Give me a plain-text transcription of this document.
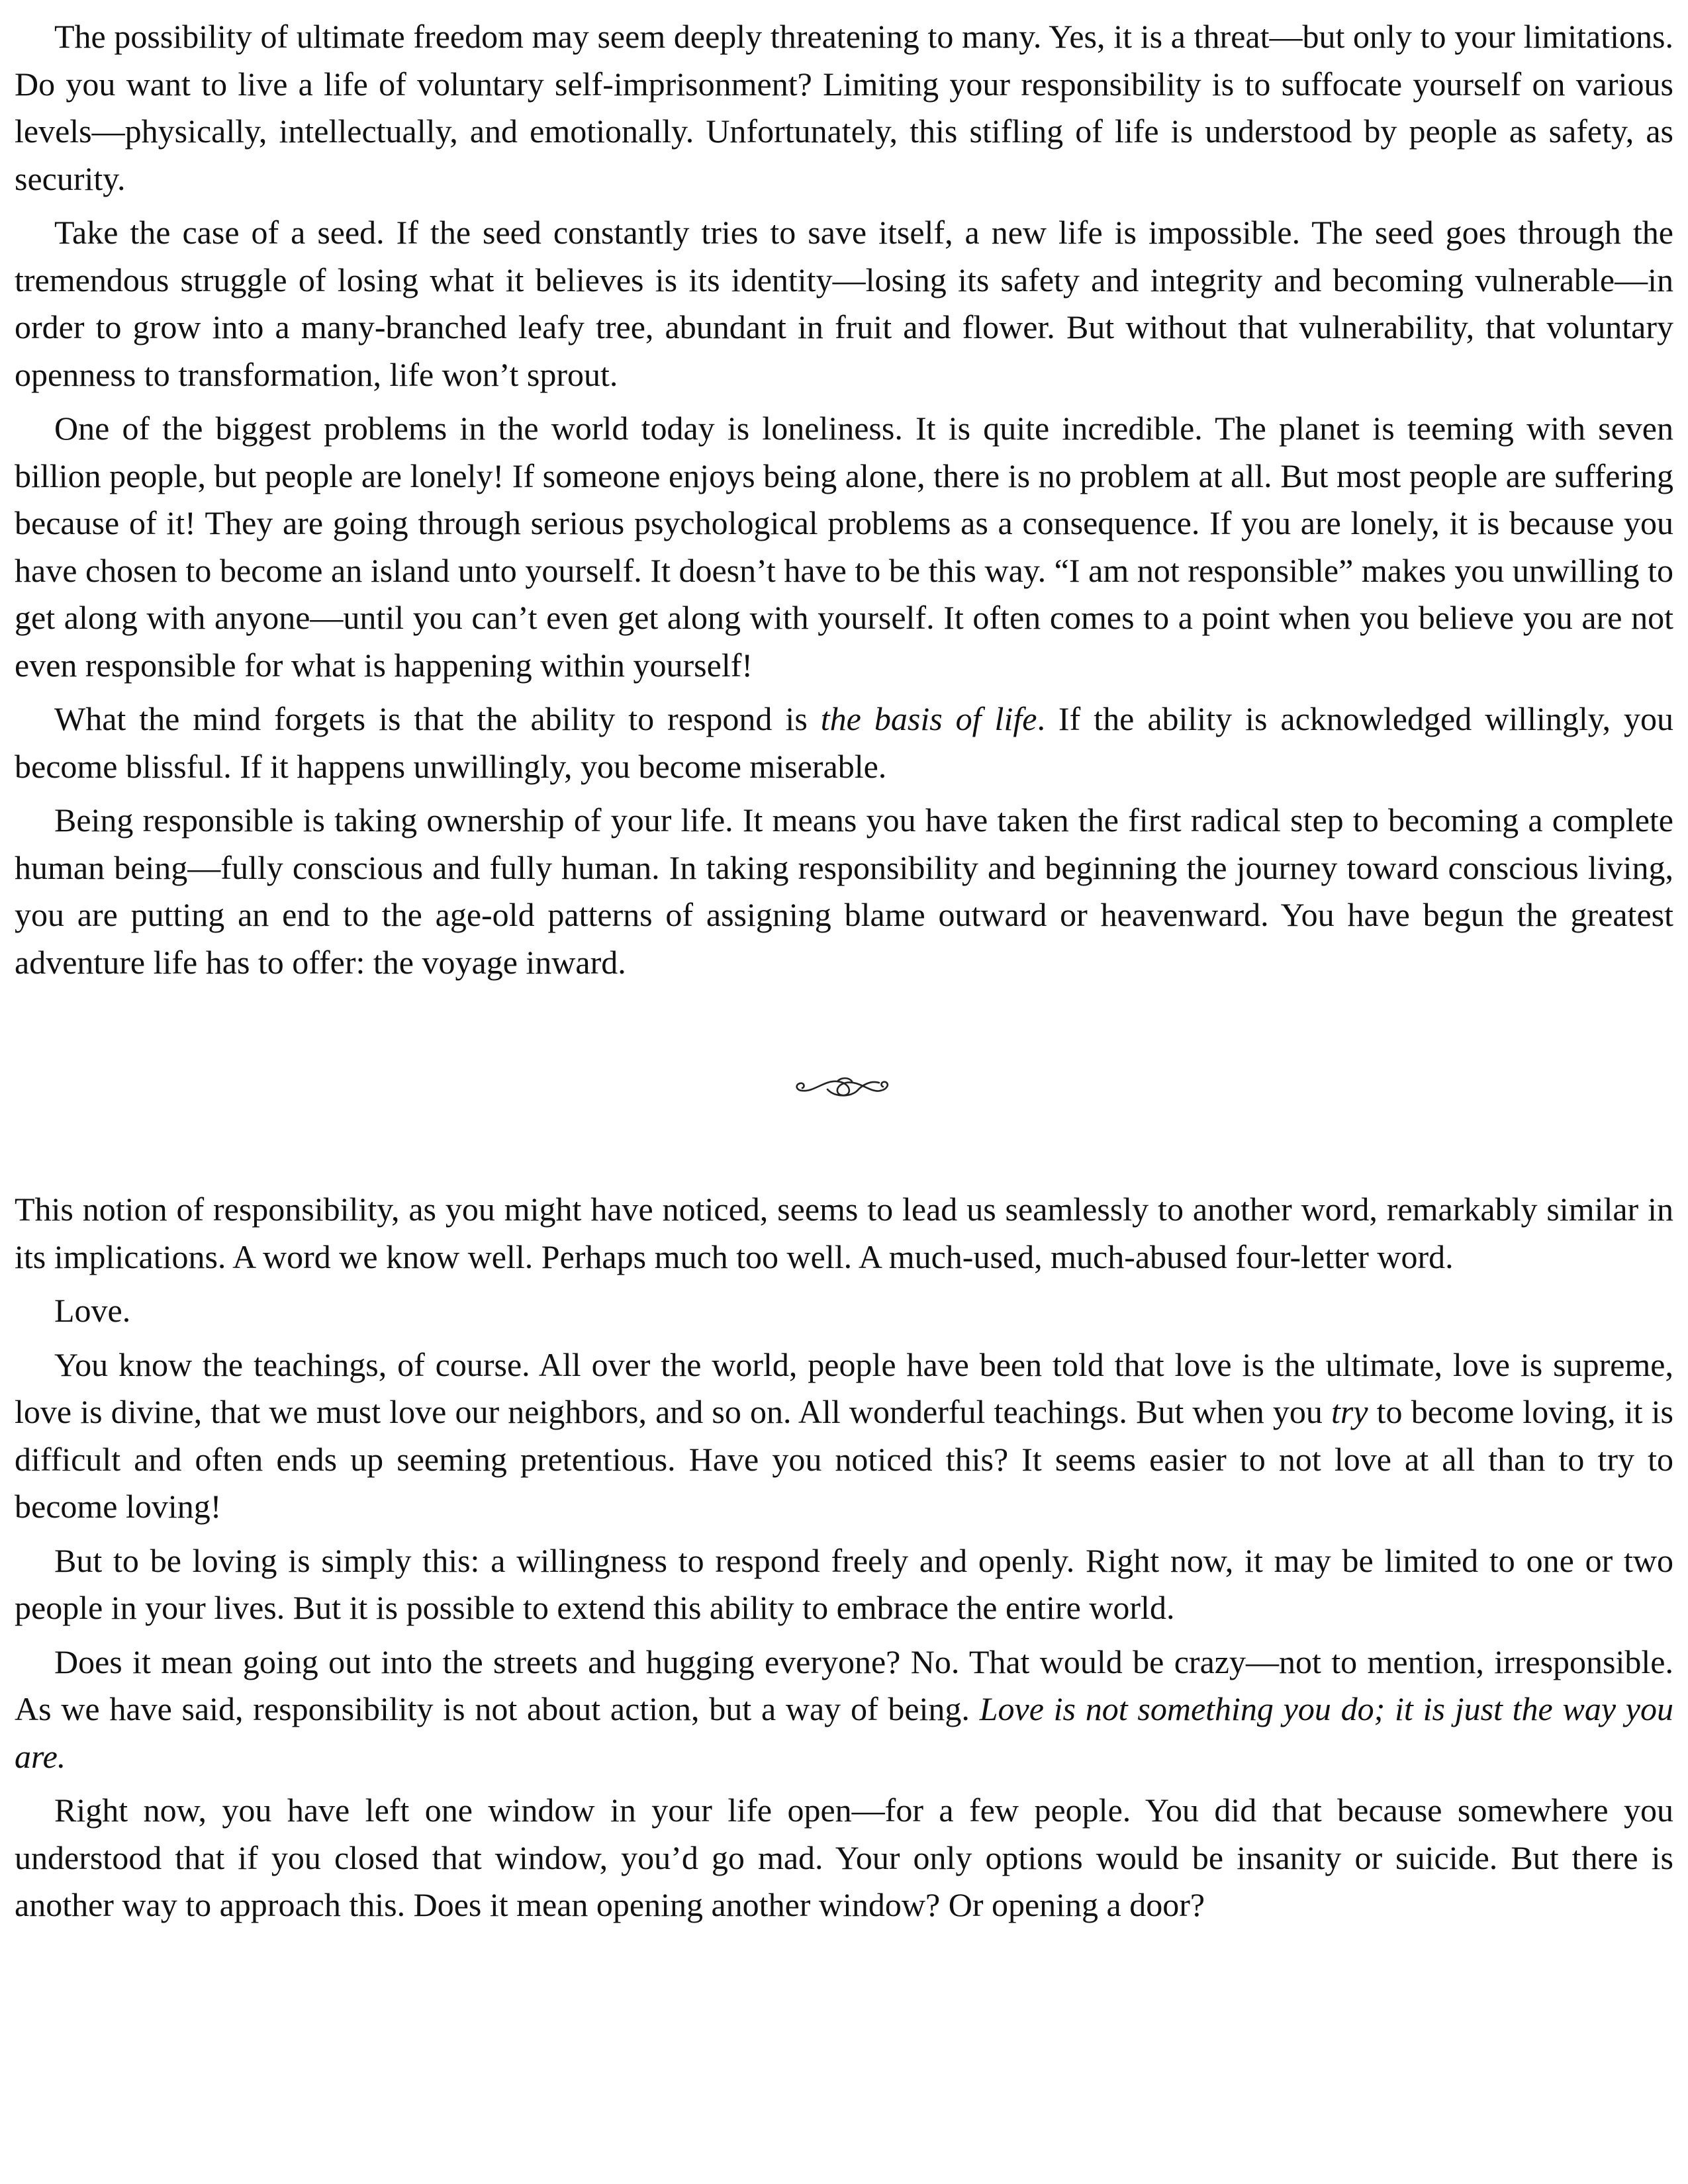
The possibility of ultimate freedom may seem deeply threatening to many. Yes, it is a threat—but only to your limitations. Do you want to live a life of voluntary self-imprisonment? Limiting your responsibility is to suffocate yourself on various levels—physically, intellectually, and emotionally. Unfortunately, this stifling of life is understood by people as safety, as security.

Take the case of a seed. If the seed constantly tries to save itself, a new life is impossible. The seed goes through the tremendous struggle of losing what it believes is its identity—losing its safety and integrity and becoming vulnerable—in order to grow into a many-branched leafy tree, abundant in fruit and flower. But without that vulnerability, that voluntary openness to transformation, life won’t sprout.

One of the biggest problems in the world today is loneliness. It is quite incredible. The planet is teeming with seven billion people, but people are lonely! If someone enjoys being alone, there is no problem at all. But most people are suffering because of it! They are going through serious psychological problems as a consequence. If you are lonely, it is because you have chosen to become an island unto yourself. It doesn’t have to be this way. “I am not responsible” makes you unwilling to get along with anyone—until you can’t even get along with yourself. It often comes to a point when you believe you are not even responsible for what is happening within yourself!

What the mind forgets is that the ability to respond is the basis of life. If the ability is acknowledged willingly, you become blissful. If it happens unwillingly, you become miserable.

Being responsible is taking ownership of your life. It means you have taken the first radical step to becoming a complete human being—fully conscious and fully human. In taking responsibility and beginning the journey toward conscious living, you are putting an end to the age-old patterns of assigning blame outward or heavenward. You have begun the greatest adventure life has to offer: the voyage inward.

This notion of responsibility, as you might have noticed, seems to lead us seamlessly to another word, remarkably similar in its implications. A word we know well. Perhaps much too well. A much-used, much-abused four-letter word.

Love.

You know the teachings, of course. All over the world, people have been told that love is the ultimate, love is supreme, love is divine, that we must love our neighbors, and so on. All wonderful teachings. But when you try to become loving, it is difficult and often ends up seeming pretentious. Have you noticed this? It seems easier to not love at all than to try to become loving!

But to be loving is simply this: a willingness to respond freely and openly. Right now, it may be limited to one or two people in your lives. But it is possible to extend this ability to embrace the entire world.

Does it mean going out into the streets and hugging everyone? No. That would be crazy—not to mention, irresponsible. As we have said, responsibility is not about action, but a way of being. Love is not something you do; it is just the way you are.

Right now, you have left one window in your life open—for a few people. You did that because somewhere you understood that if you closed that window, you’d go mad. Your only options would be insanity or suicide. But there is another way to approach this. Does it mean opening another window? Or opening a door?
